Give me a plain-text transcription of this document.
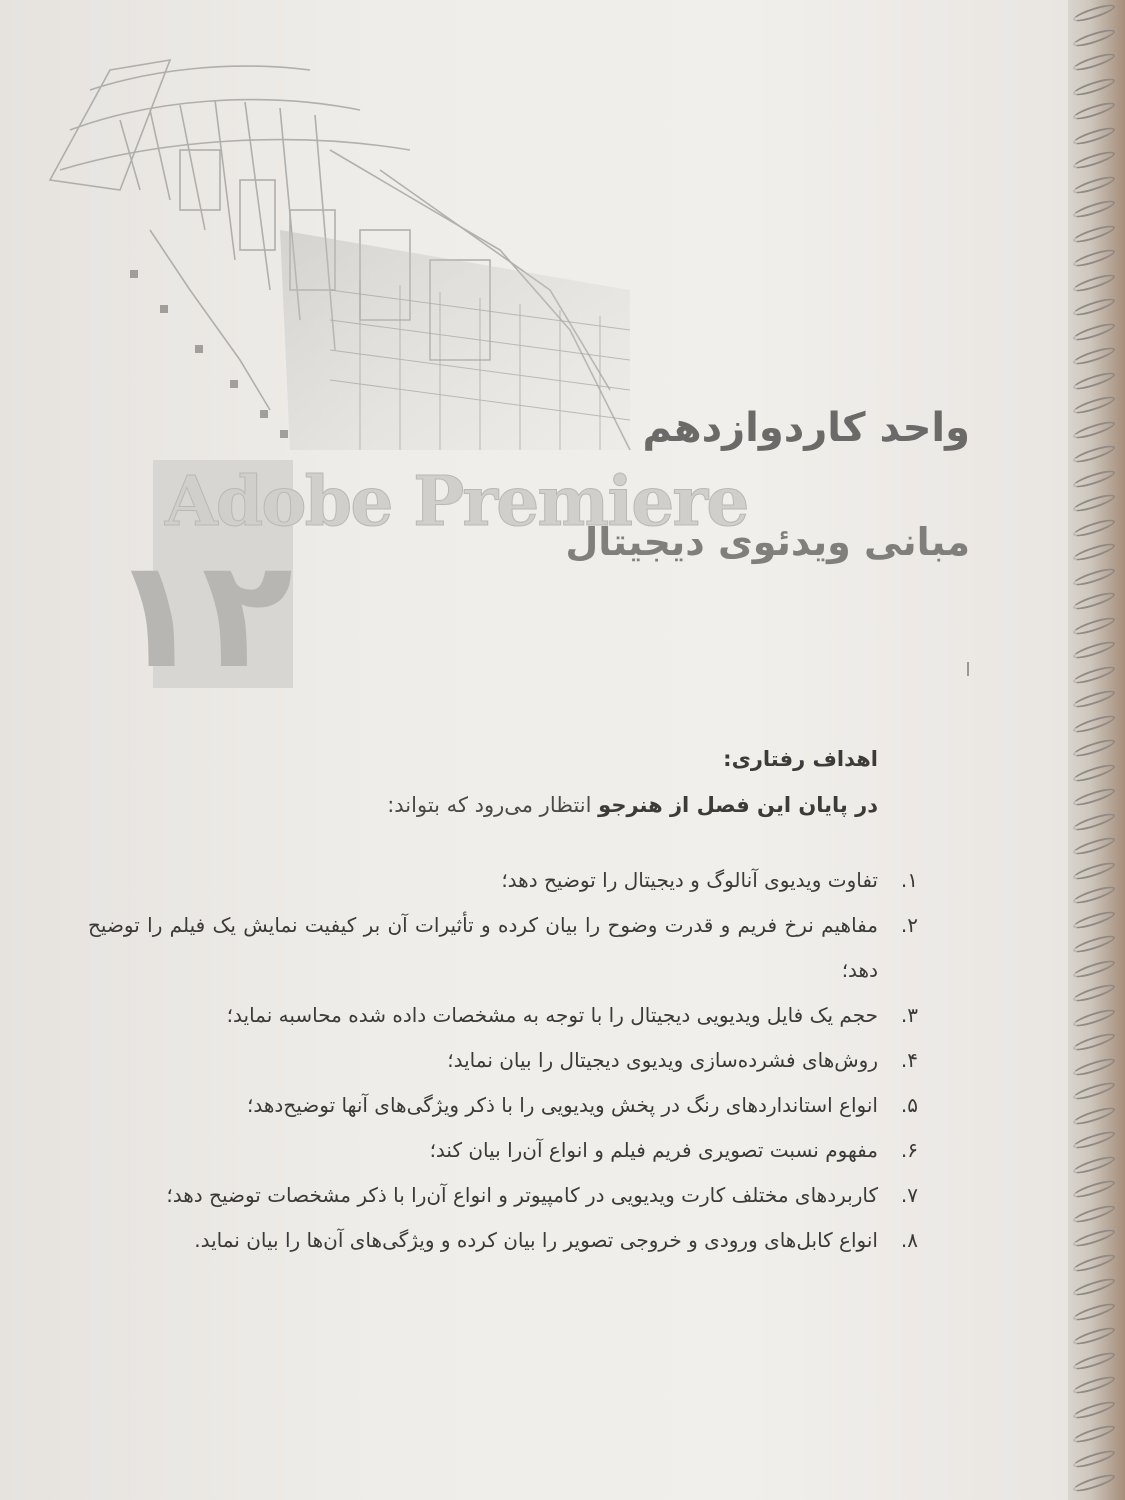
Adobe Premiere
۱۲
واحد کاردوازدهم
مبانی ویدئوی دیجیتال
اهداف رفتاری:
در پایان این فصل از هنرجو انتظار می‌رود که بتواند:
۱.
تفاوت ویدیوی آنالوگ و دیجیتال را توضیح دهد؛
۲.
مفاهیم نرخ فریم و قدرت وضوح را بیان کرده و تأثیرات آن بر کیفیت نمایش یک فیلم را توضیح دهد؛
۳.
حجم یک فایل ویدیویی دیجیتال را با توجه به مشخصات داده شده محاسبه نماید؛
۴.
روش‌های فشرده‌سازی ویدیوی دیجیتال را بیان نماید؛
۵.
انواع استانداردهای رنگ در پخش ویدیویی را با ذکر ویژگی‌های آنها توضیح‌دهد؛
۶.
مفهوم نسبت تصویری فریم فیلم و انواع آن‌را بیان کند؛
۷.
کاربردهای مختلف کارت ویدیویی در کامپیوتر و انواع آن‌را با ذکر مشخصات توضیح دهد؛
۸.
انواع کابل‌های ورودی و خروجی تصویر را بیان کرده و ویژگی‌های آن‌ها را بیان نماید.
